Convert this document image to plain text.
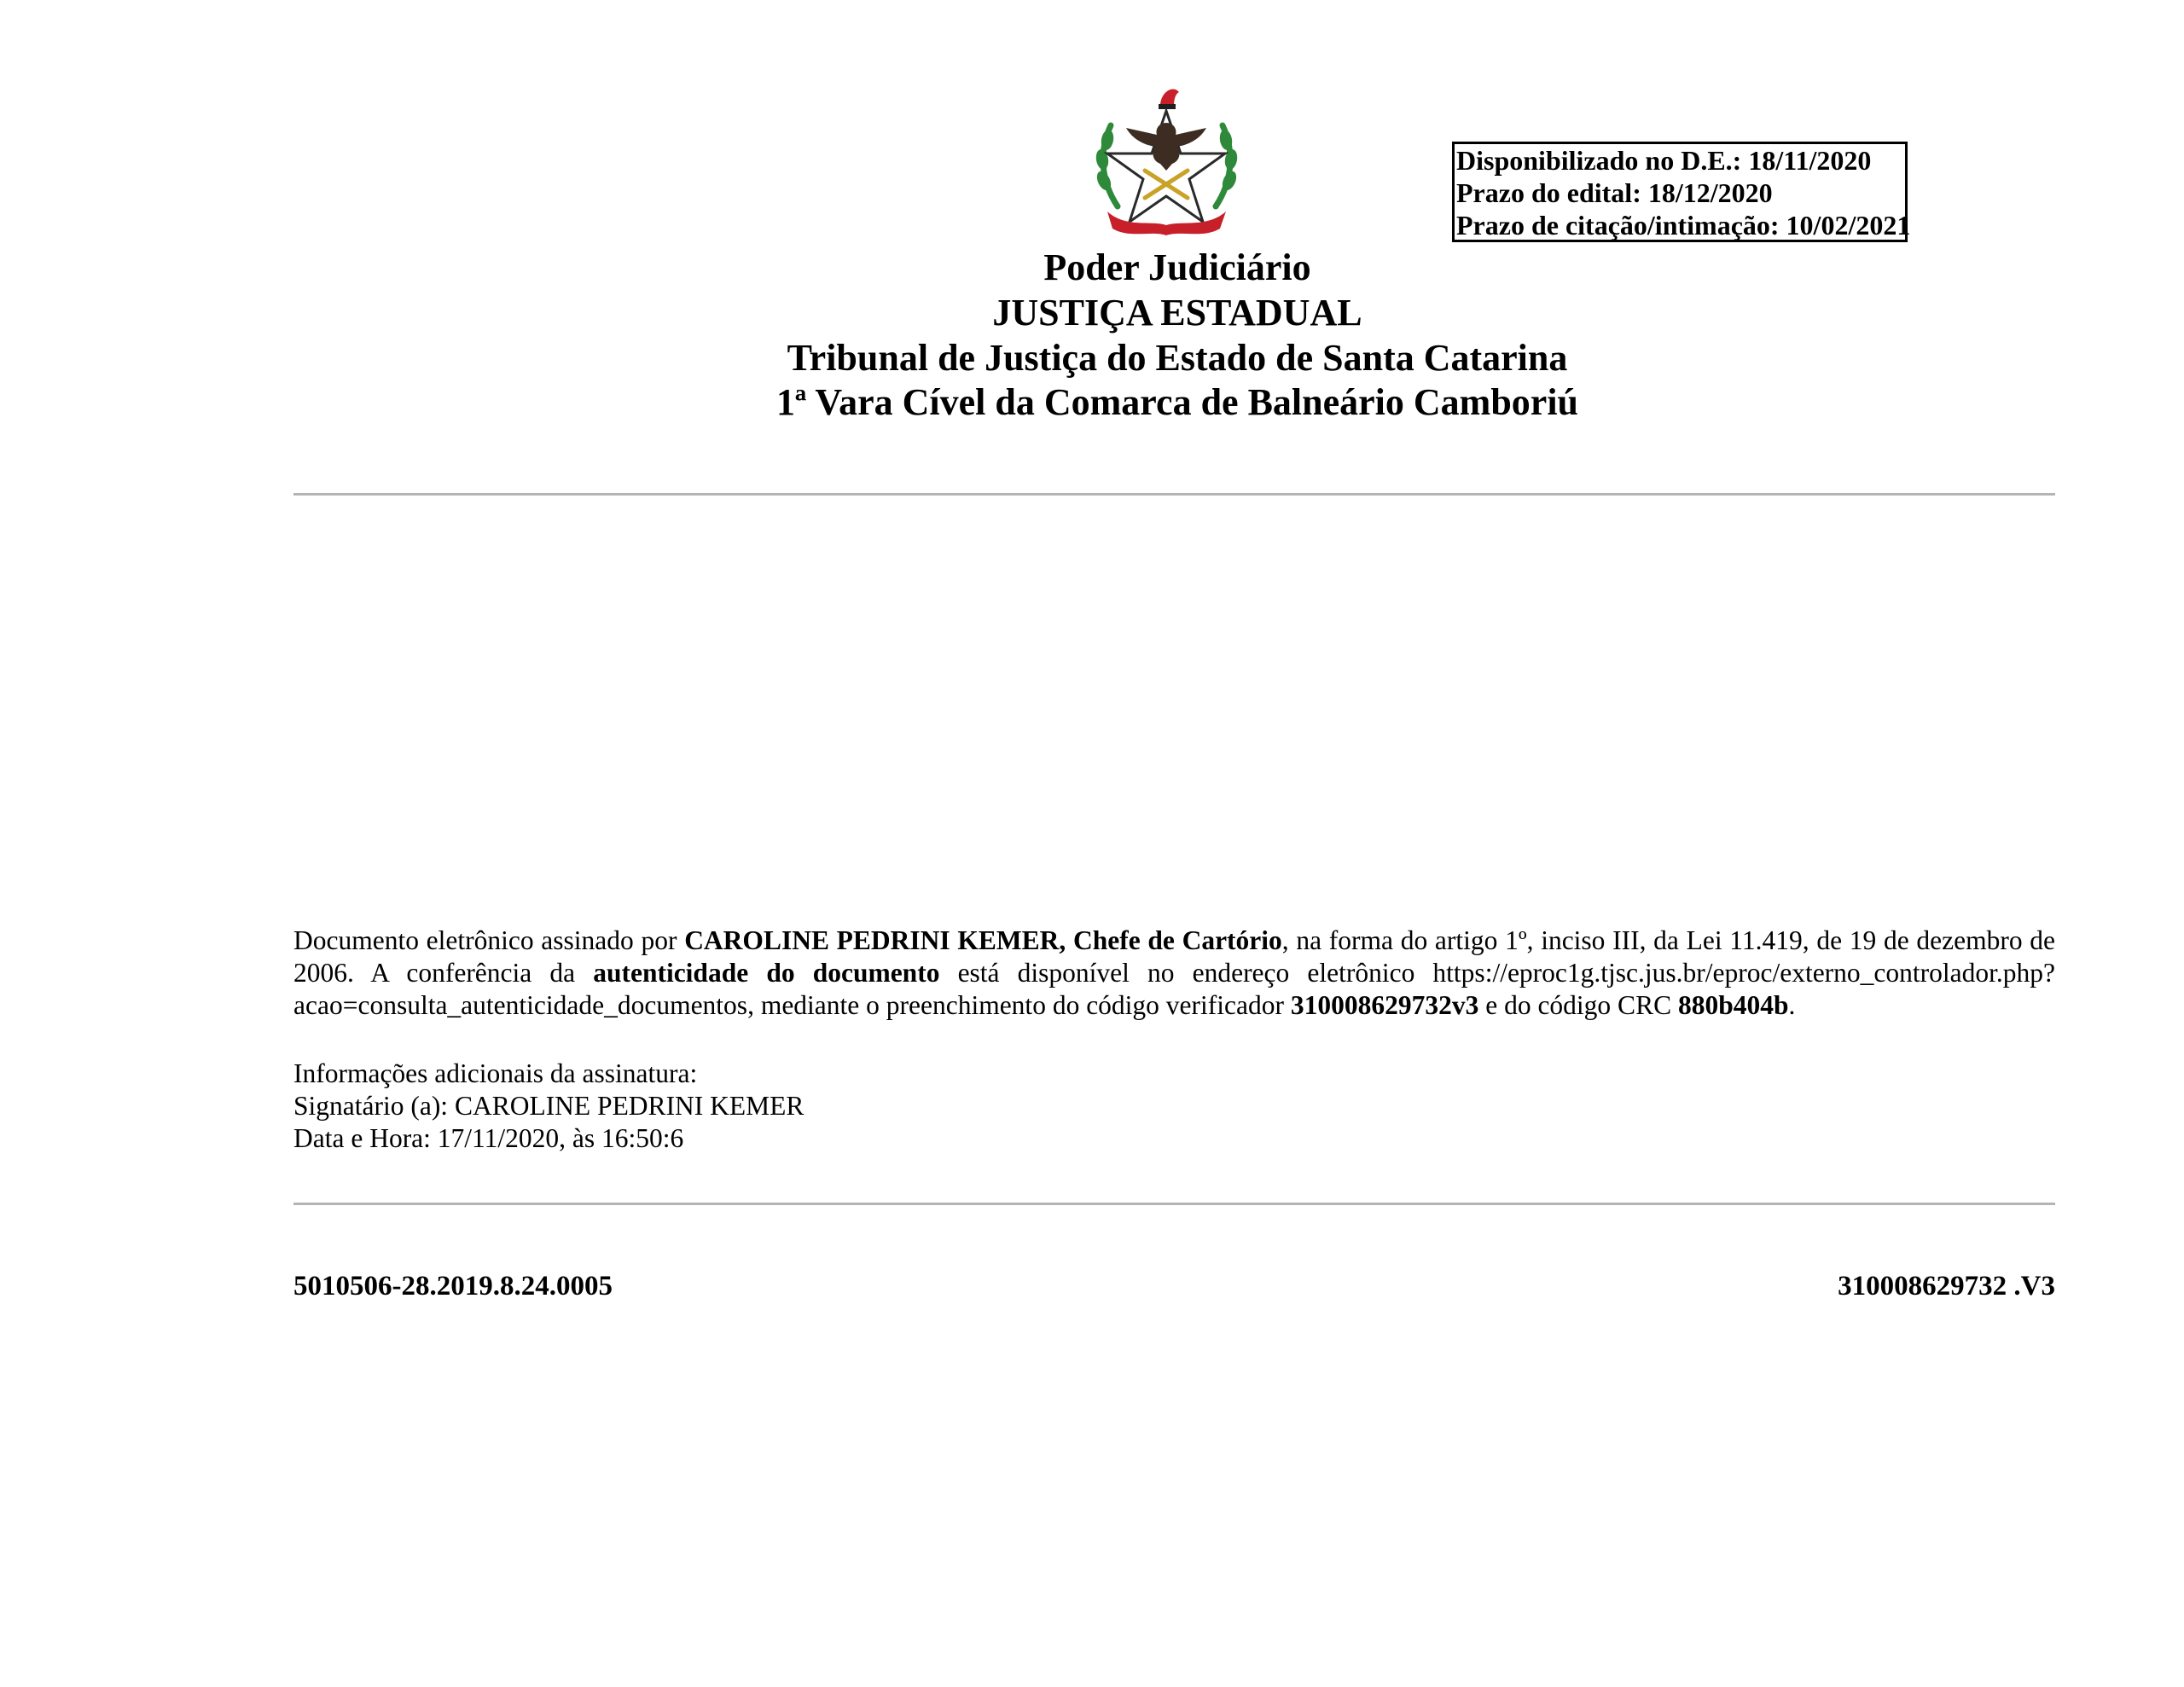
Disponibilizado no D.E.: 18/11/2020
Prazo do edital: 18/12/2020
Prazo de citação/intimação: 10/02/2021
Poder Judiciário
JUSTIÇA ESTADUAL
Tribunal de Justiça do Estado de Santa Catarina
1ª Vara Cível da Comarca de Balneário Camboriú
Documento eletrônico assinado por CAROLINE PEDRINI KEMER, Chefe de Cartório, na forma do artigo 1º, inciso III, da Lei 11.419, de 19 de dezembro de 2006. A conferência da autenticidade do documento está disponível no endereço eletrônico https://eproc1g.tjsc.jus.br/eproc/externo_controlador.php?acao=consulta_autenticidade_documentos, mediante o preenchimento do código verificador 310008629732v3 e do código CRC 880b404b.
Informações adicionais da assinatura:
Signatário (a): CAROLINE PEDRINI KEMER
Data e Hora: 17/11/2020, às 16:50:6
5010506-28.2019.8.24.0005	310008629732 .V3
